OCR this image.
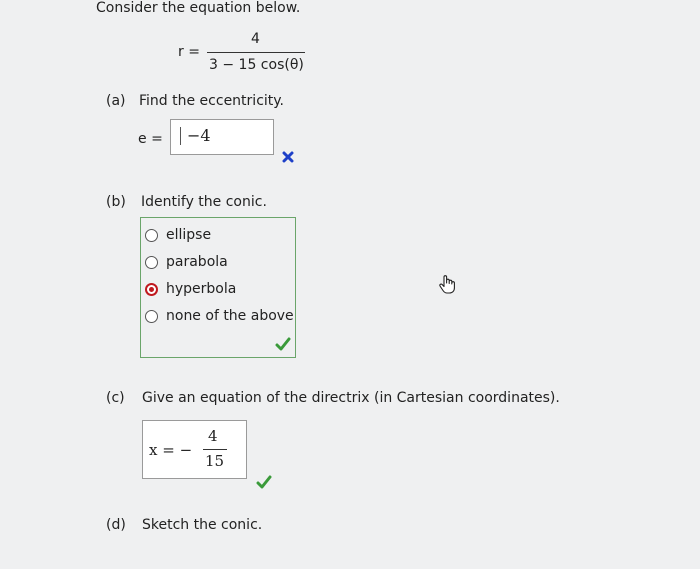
Consider the equation below.
r =
4
3 − 15 cos(θ)
(a) Find the eccentricity.
e =	−4
(b) Identify the conic.
ellipse
parabola
hyperbola
none of the above
(c) Give an equation of the directrix (in Cartesian coordinates).
x = −
4
15
(d) Sketch the conic.
